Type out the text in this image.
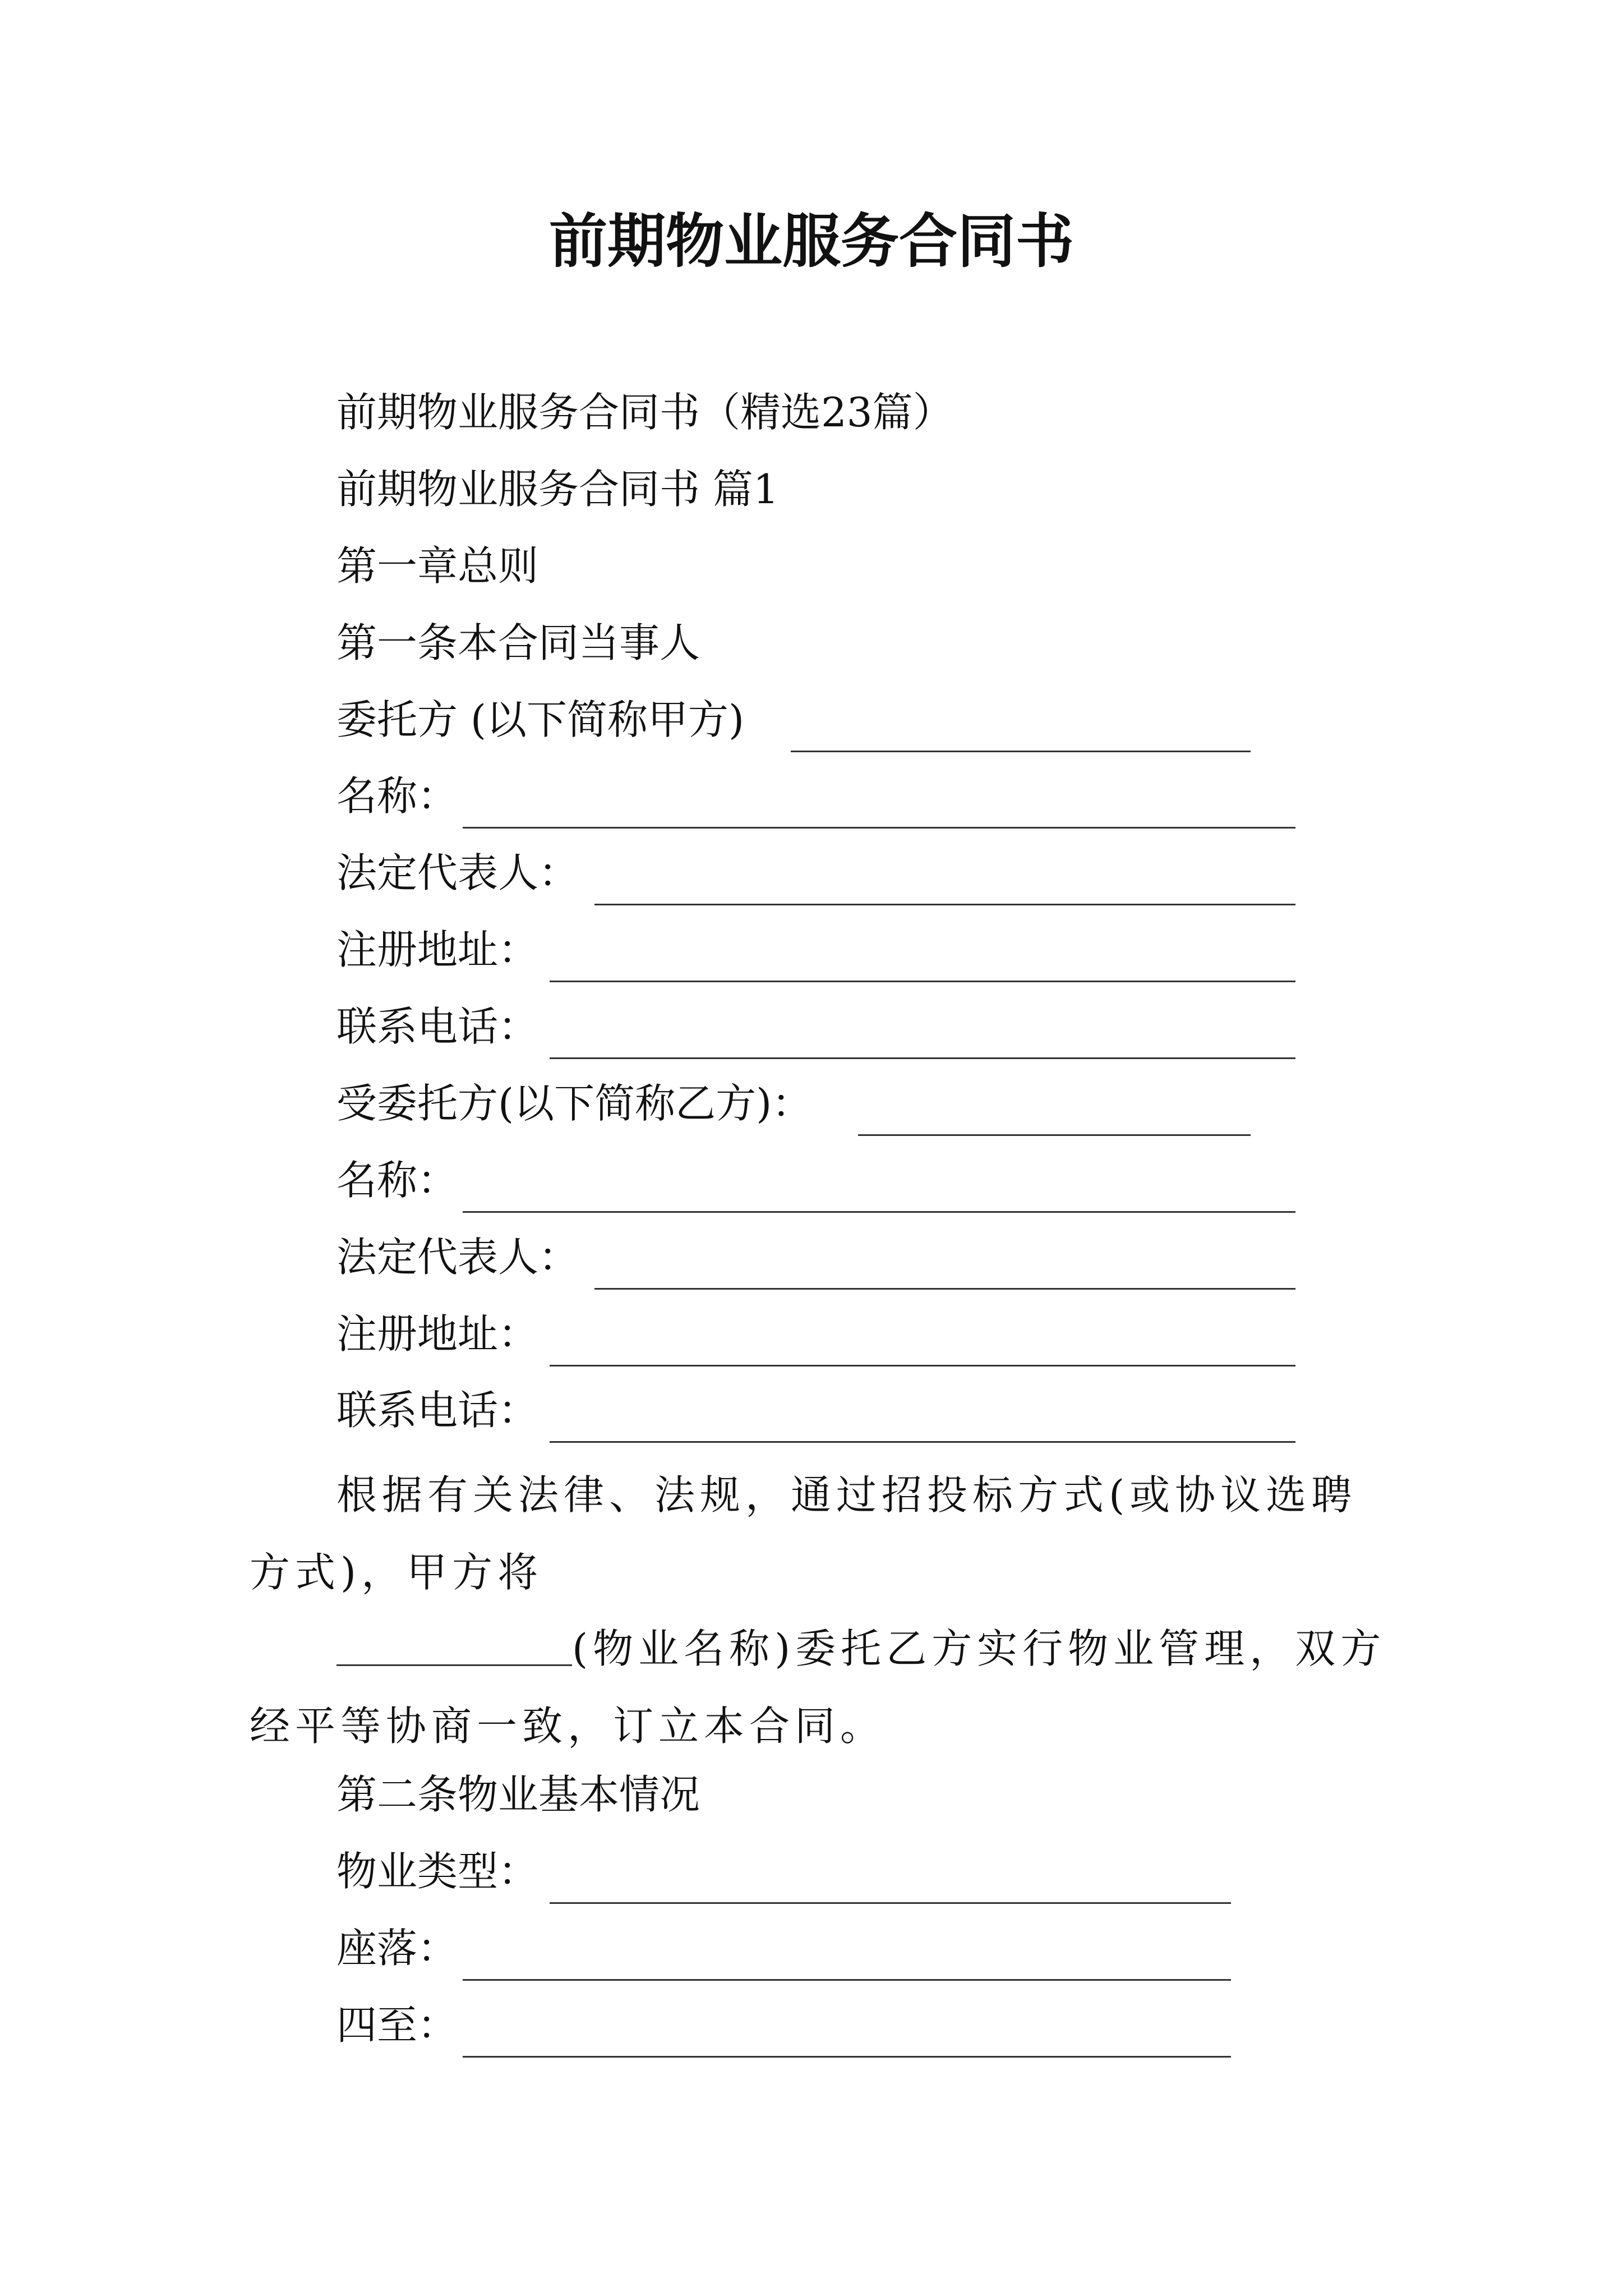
前期物业服务合同书
前期物业服务合同书（精选23篇）
前期物业服务合同书 篇1
第一章总则
第一条本合同当事人
委托方 (以下简称甲方)
名称：
法定代表人：
注册地址：
联系电话：
受委托方(以下简称乙方)：
名称：
法定代表人：
注册地址：
联系电话：
根据有关法律、法规，通过招投标方式(或协议选聘方式)，甲方将
(物业名称)委托乙方实行物业管理，双方经平等协商一致，订立本合同。
第二条物业基本情况
物业类型：
座落：
四至：
